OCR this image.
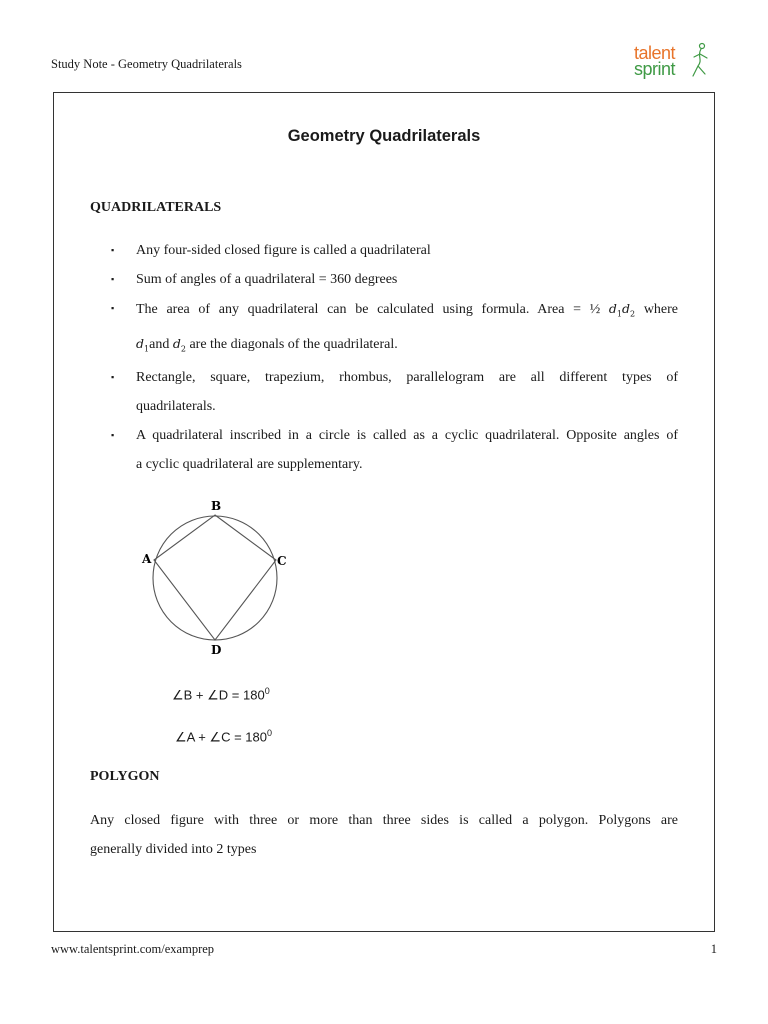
Study Note - Geometry Quadrilaterals
talent
sprint
Geometry Quadrilaterals
QUADRILATERALS
▪ Any four-sided closed figure is called a quadrilateral
▪ Sum of angles of a quadrilateral = 360 degrees
▪ The area of any quadrilateral can be calculated using formula. Area = ½ $d_1d_2$ where
$d_1and$ $d_2$ are the diagonals of the quadrilateral.
▪ Rectangle, square, trapezium, rhombus, parallelogram are all different types of
quadrilaterals.
▪ A quadrilateral inscribed in a circle is called as a cyclic quadrilateral. Opposite angles of
a cyclic quadrilateral are supplementary.
B
A	C
D
∠B + ∠D = $180^0$
∠A + ∠C = $180^0$
POLYGON
Any closed figure with three or more than three sides is called a polygon. Polygons are
generally divided into 2 types
www.talentsprint.com/examprep	1
